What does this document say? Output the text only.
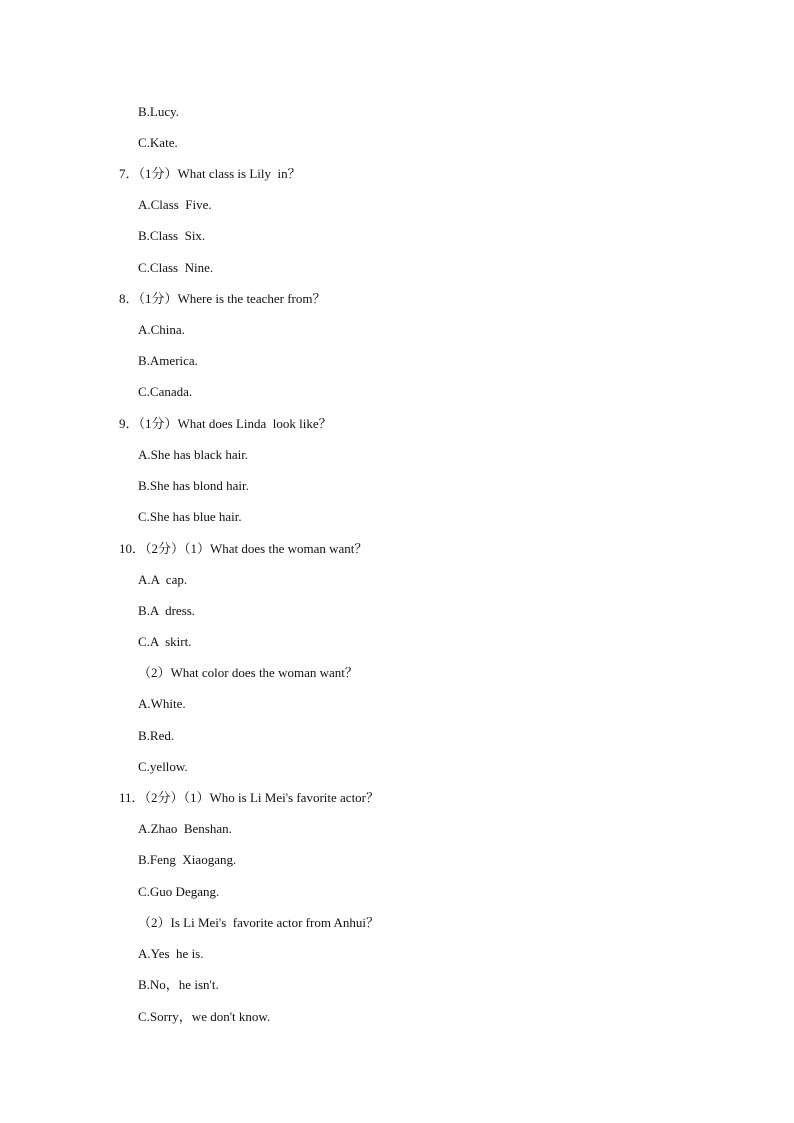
B.Lucy.
C.Kate.
7．（1分）What class is Lily  in？
A.Class  Five.
B.Class  Six.
C.Class  Nine.
8．（1分）Where is the teacher from？
A.China.
B.America.
C.Canada.
9．（1分）What does Linda  look like？
A.She has black hair.
B.She has blond hair.
C.She has blue hair.
10．（2分）（1）What does the woman want？
A.A  cap.
B.A  dress.
C.A  skirt.
（2）What color does the woman want？
A.White.
B.Red.
C.yellow.
11．（2分）（1）Who is Li Mei's favorite actor？
A.Zhao  Benshan.
B.Feng  Xiaogang.
C.Guo Degang.
（2）Is Li Mei's  favorite actor from Anhui？
A.Yes  he is.
B.No，he isn't.
C.Sorry，we don't know.
